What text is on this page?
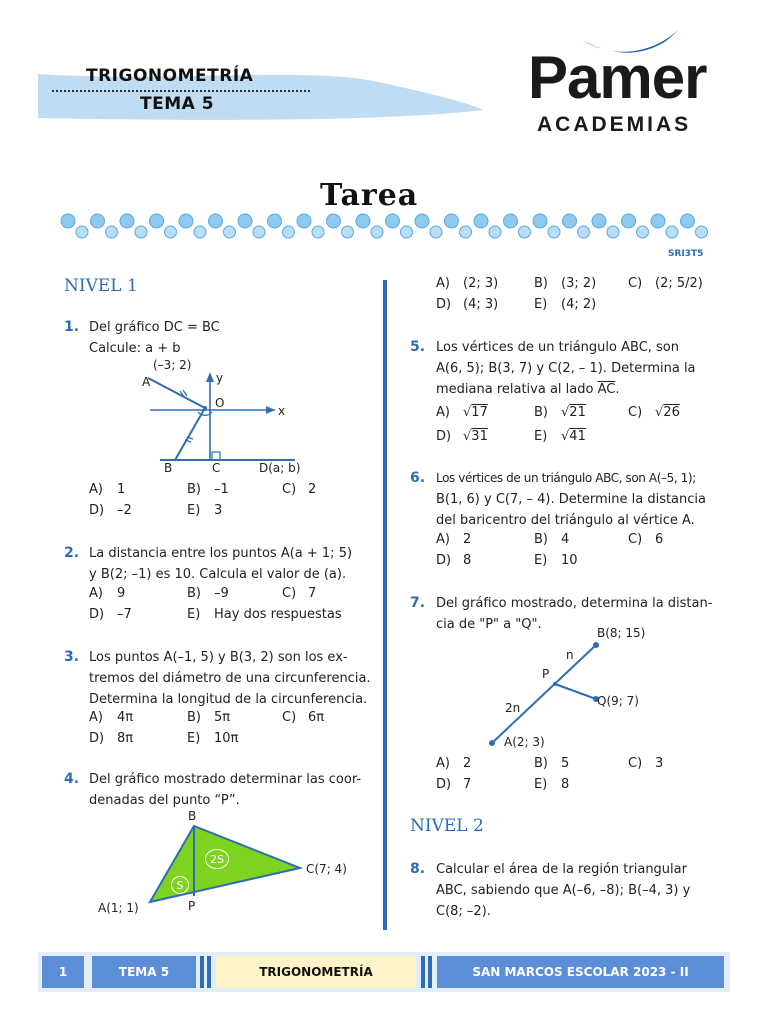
TRIGONOMETRÍA
TEMA 5	Pamer
ACADEMIAS
Tarea
SRI3T5
NIVEL 1
1. Del gráfico DC = BC
Calcule: a + b
(–3; 2)
A	y
O
x
B	C	D(a; b)
A) 1	B) –1	C) 2
D) –2	E) 3
2. La distancia entre los puntos A(a + 1; 5)
y B(2; –1) es 10. Calcula el valor de (a).
A) 9	B) –9	C) 7
D) –7	E) Hay dos respuestas
3. Los puntos A(–1, 5) y B(3, 2) son los ex-
tremos del diámetro de una circunferencia.
Determina la longitud de la circunferencia.
A) 4π	B) 5π	C) 6π
D) 8π	E) 10π
4. Del gráfico mostrado determinar las coor-
denadas del punto “P”.
B
C(7; 4)
A(1; 1)	P
S
2S
A) (2; 3)	B) (3; 2) C) (2; 5/2)
D) (4; 3)	E) (4; 2)
5. Los vértices de un triángulo ABC, son
A(6, 5); B(3, 7) y C(2, – 1). Determina la
mediana relativa al lado $\overline{AC}$.
A) √17	B) √21	C) √26
D) √31	E) √41
6. Los vértices de un triángulo ABC, son A(–5, 1);
B(1, 6) y C(7, – 4). Determine la distancia
del baricentro del triángulo al vértice A.
A) 2	B) 4	C) 6
D) 8	E) 10
7. Del gráfico mostrado, determina la distan-
cia de "P" a "Q".
B(8; 15)
n
P
Q(9; 7)
2n
A(2; 3)
A) 2	B) 5	C) 3
D) 7	E) 8
NIVEL 2
8. Calcular el área de la región triangular
ABC, sabiendo que A(–6, –8); B(–4, 3) y
C(8; –2).
1	TEMA 5	TRIGONOMETRÍA	SAN MARCOS ESCOLAR 2023 - II
